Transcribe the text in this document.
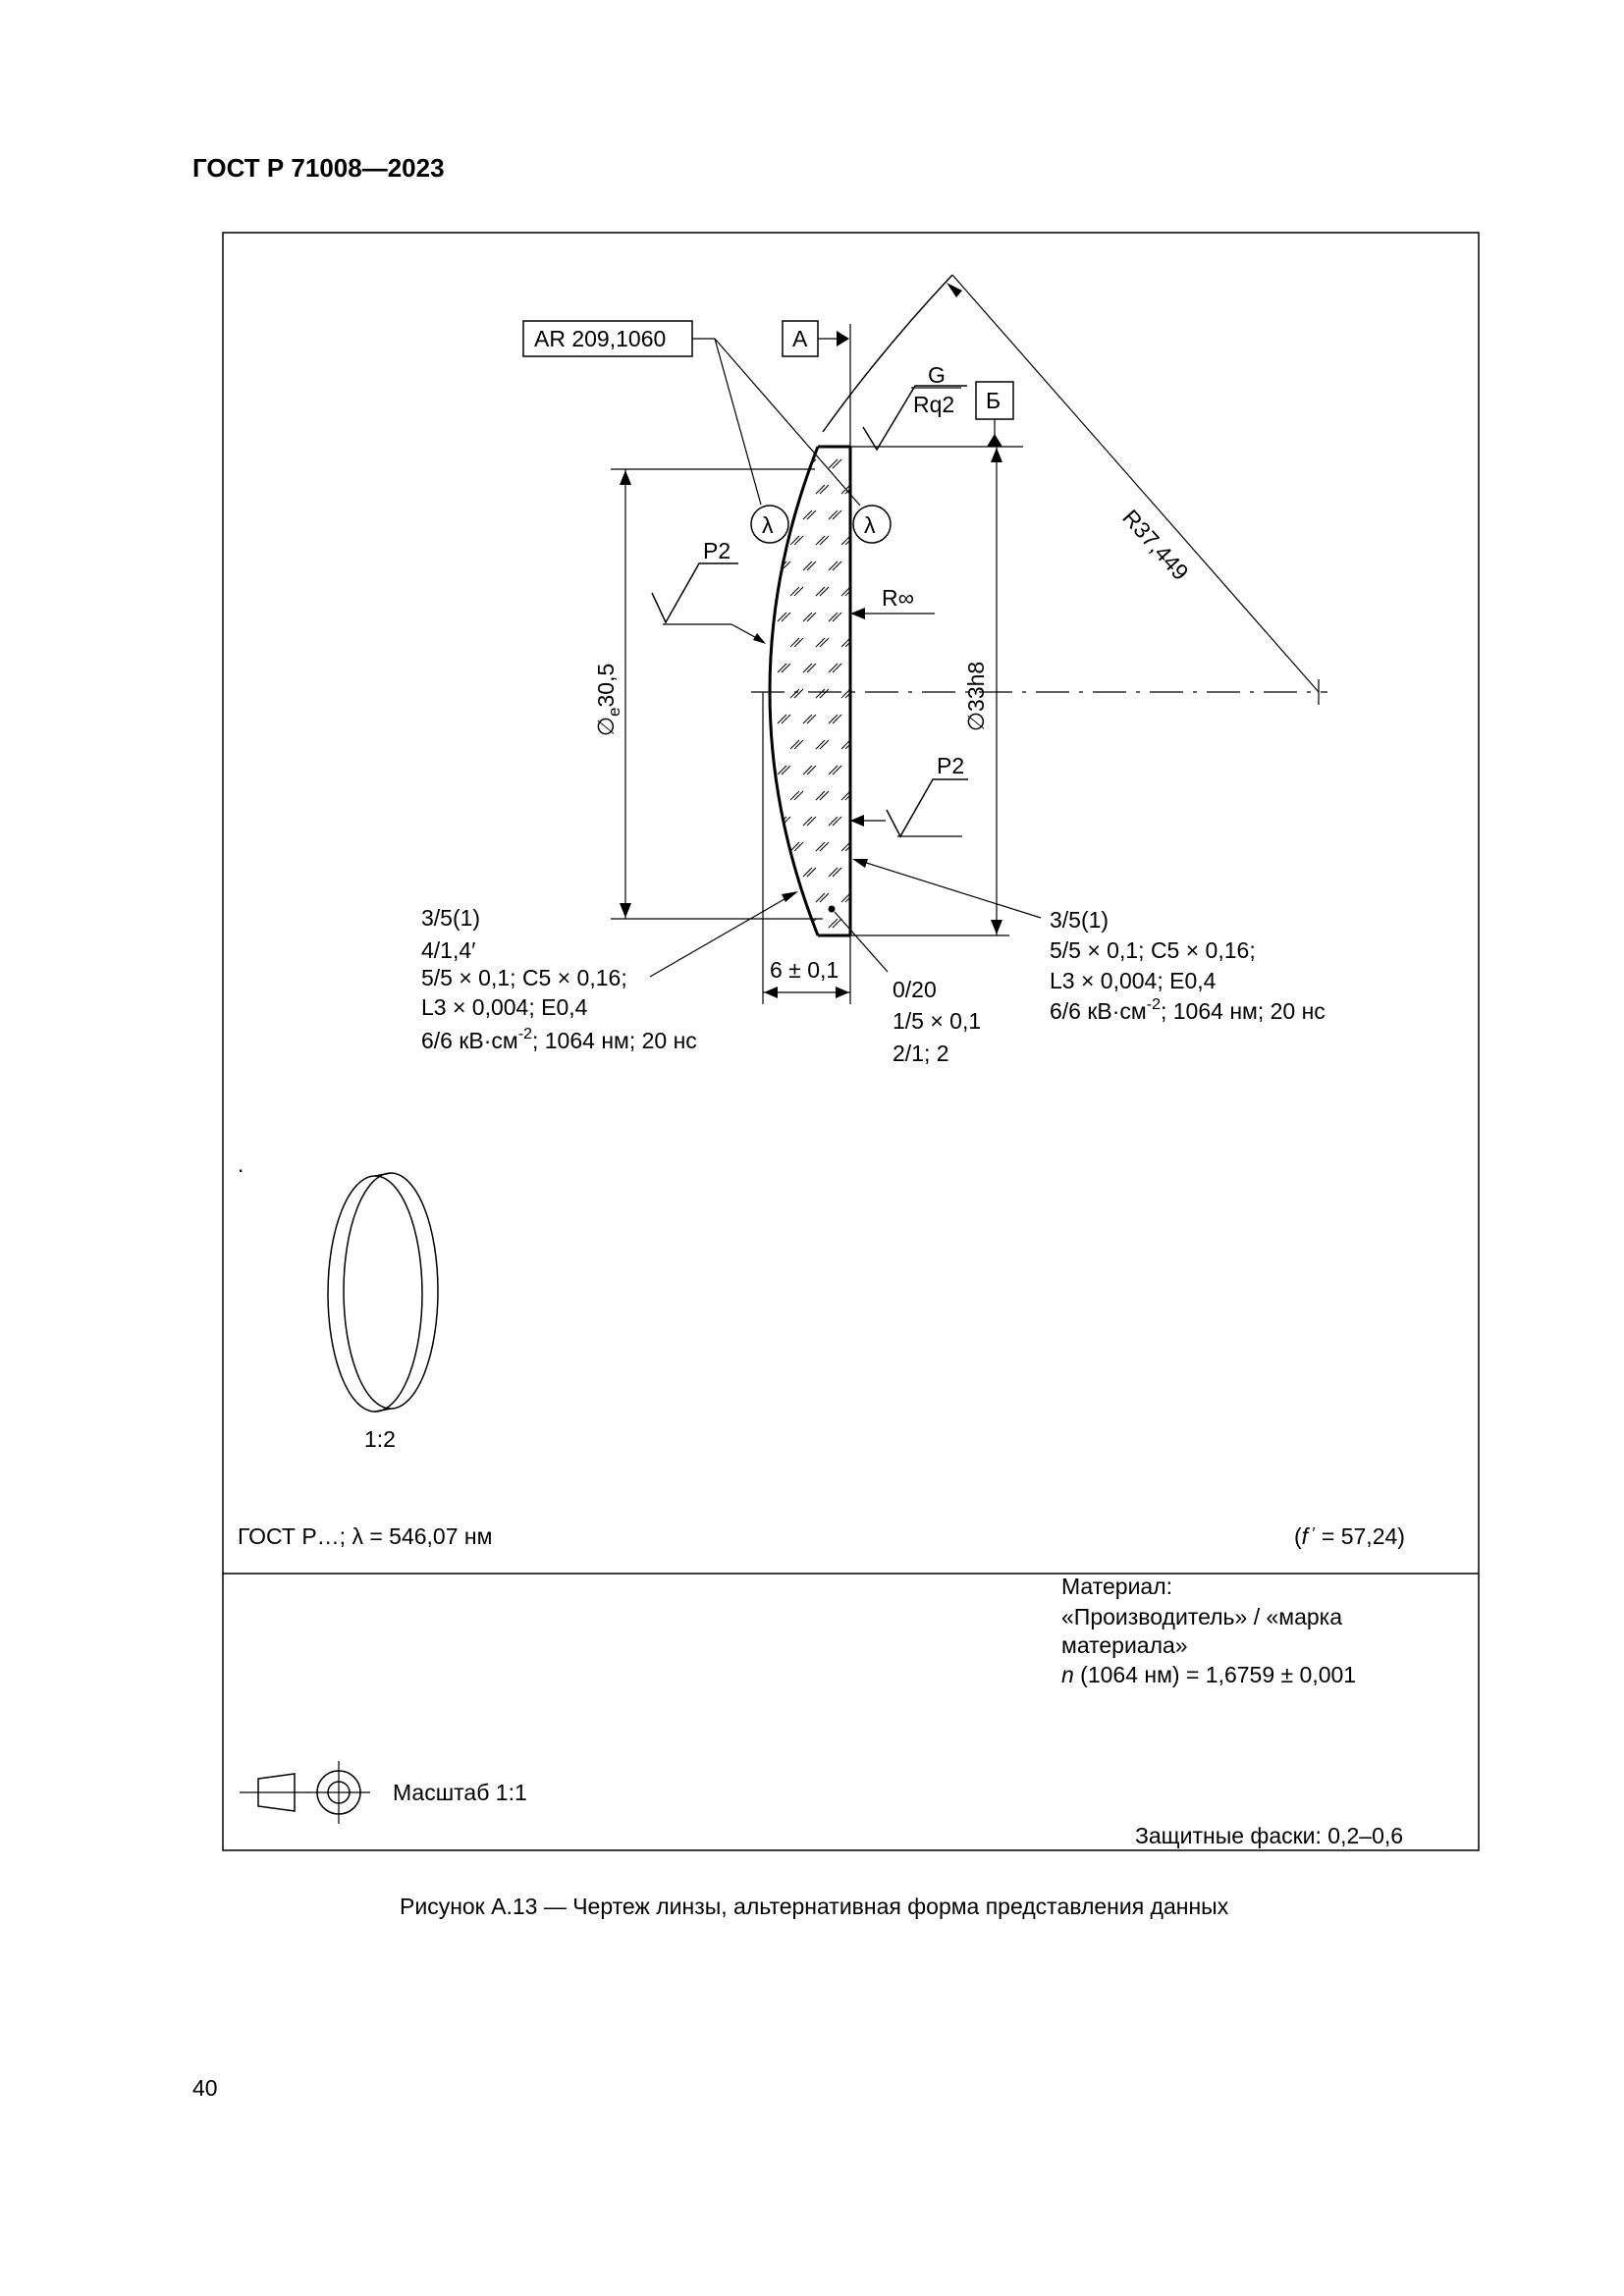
ГОСТ Р 71008—2023
R37,449
AR 209,1060
λ	λ
А
G
Rq2 Б
R∞
P2
P2
$\emptyset_e30,5$	∅33h8
6 ± 0,1
3/5(1)
4/1,4′
5/5 × 0,1; C5 × 0,16;
L3 × 0,004; E0,4
6/6 $кВ\cdot см^{-2}$; 1064 нм; 20 нс
3/5(1)
5/5 × 0,1; C5 × 0,16;
L3 × 0,004; E0,4
6/6 $кВ\cdot см^{-2}$; 1064 нм; 20 нс
0/20
1/5 × 0,1
2/1; 2
.
1:2
ГОСТ Р…; λ = 546,07 нм	(f ′ = 57,24)
Материал:
«Производитель» / «марка
материала»
n (1064 нм) = 1,6759 ± 0,001
Масштаб 1:1
Защитные фаски: 0,2–0,6
Рисунок А.13 — Чертеж линзы, альтернативная форма представления данных
40
